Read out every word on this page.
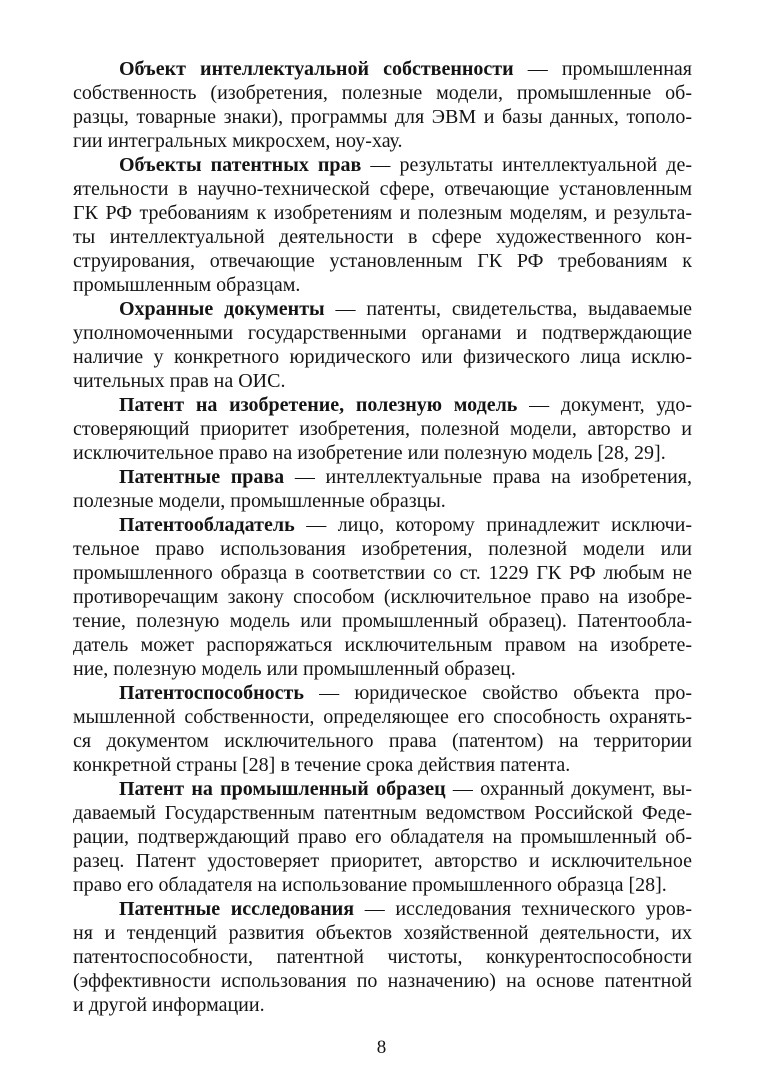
Объект интеллектуальной собственности — промышленная
собственность (изобретения, полезные модели, промышленные об-
разцы, товарные знаки), программы для ЭВМ и базы данных, тополо-
гии интегральных микросхем, ноу-хау.
Объекты патентных прав — результаты интеллектуальной де-
ятельности в научно-технической сфере, отвечающие установленным
ГК РФ требованиям к изобретениям и полезным моделям, и результа-
ты интеллектуальной деятельности в сфере художественного кон-
струирования, отвечающие установленным ГК РФ требованиям к
промышленным образцам.
Охранные документы — патенты, свидетельства, выдаваемые
уполномоченными государственными органами и подтверждающие
наличие у конкретного юридического или физического лица исклю-
чительных прав на ОИС.
Патент на изобретение, полезную модель — документ, удо-
стоверяющий приоритет изобретения, полезной модели, авторство и
исключительное право на изобретение или полезную модель [28, 29].
Патентные права — интеллектуальные права на изобретения,
полезные модели, промышленные образцы.
Патентообладатель — лицо, которому принадлежит исключи-
тельное право использования изобретения, полезной модели или
промышленного образца в соответствии со ст. 1229 ГК РФ любым не
противоречащим закону способом (исключительное право на изобре-
тение, полезную модель или промышленный образец). Патентообла-
датель может распоряжаться исключительным правом на изобрете-
ние, полезную модель или промышленный образец.
Патентоспособность — юридическое свойство объекта про-
мышленной собственности, определяющее его способность охранять-
ся документом исключительного права (патентом) на территории
конкретной страны [28] в течение срока действия патента.
Патент на промышленный образец — охранный документ, вы-
даваемый Государственным патентным ведомством Российской Феде-
рации, подтверждающий право его обладателя на промышленный об-
разец. Патент удостоверяет приоритет, авторство и исключительное
право его обладателя на использование промышленного образца [28].
Патентные исследования — исследования технического уров-
ня и тенденций развития объектов хозяйственной деятельности, их
патентоспособности, патентной чистоты, конкурентоспособности
(эффективности использования по назначению) на основе патентной
и другой информации.
8
